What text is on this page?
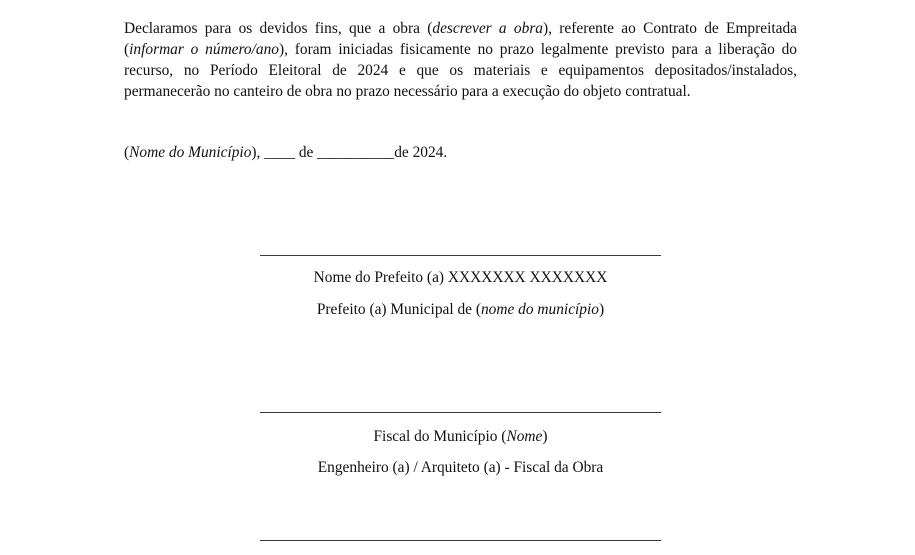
Declaramos para os devidos fins, que a obra (descrever a obra), referente ao Contrato de Empreitada (informar o número/ano), foram iniciadas fisicamente no prazo legalmente previsto para a liberação do recurso, no Período Eleitoral de 2024 e que os materiais e equipamentos depositados/instalados, permanecerão no canteiro de obra no prazo necessário para a execução do objeto contratual.

(Nome do Município), ____ de __________de 2024.

Nome do Prefeito (a) XXXXXXX XXXXXXX

Prefeito (a) Municipal de (nome do município)

Fiscal do Município (Nome)

Engenheiro (a) / Arquiteto (a) - Fiscal da Obra
